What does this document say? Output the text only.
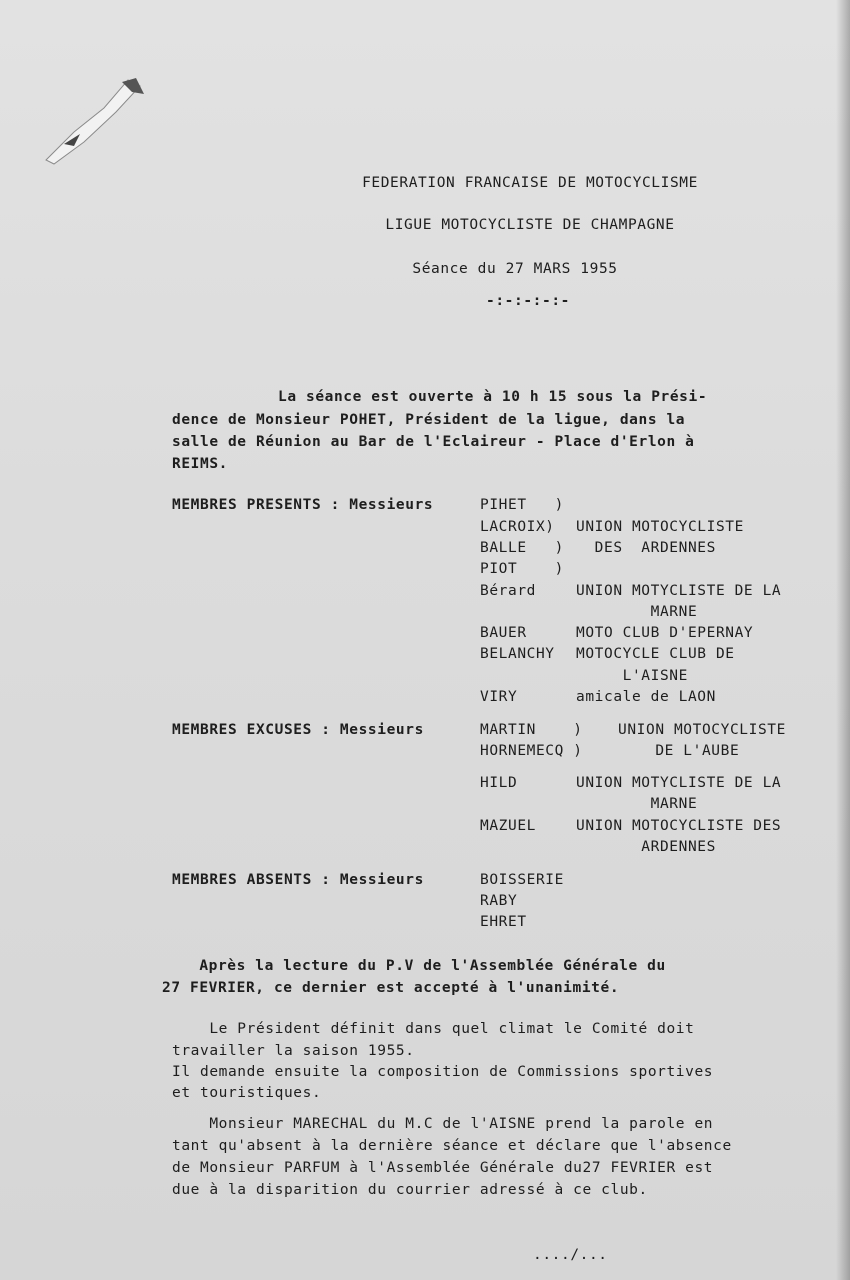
FEDERATION FRANCAISE DE MOTOCYCLISME
LIGUE MOTOCYCLISTE DE CHAMPAGNE
Séance du 27 MARS 1955
-:-:-:-:-
La séance est ouverte à 10 h 15 sous la Prési-
dence de Monsieur POHET, Président de la ligue, dans la
salle de Réunion au Bar de l'Eclaireur - Place d'Erlon à
REIMS.
MEMBRES PRESENTS : Messieurs	PIHET   )
LACROIX) UNION MOTOCYCLISTE
BALLE   ) DES  ARDENNES
PIOT    )
Bérard	UNION MOTYCLISTE DE LA
MARNE
BAUER	MOTO CLUB D'EPERNAY
BELANCHY MOTOCYCLE CLUB DE
L'AISNE
VIRY	amicale de LAON
MEMBRES EXCUSES : Messieurs	MARTIN    ) UNION MOTOCYCLISTE
HORNEMECQ ) DE L'AUBE
HILD	UNION MOTYCLISTE DE LA
MARNE
MAZUEL	UNION MOTOCYCLISTE DES
ARDENNES
MEMBRES ABSENTS : Messieurs	BOISSERIE
RABY
EHRET
Après la lecture du P.V de l'Assemblée Générale du
27 FEVRIER, ce dernier est accepté à l'unanimité.
Le Président définit dans quel climat le Comité doit
travailler la saison 1955.
Il demande ensuite la composition de Commissions sportives
et touristiques.
Monsieur MARECHAL du M.C de l'AISNE prend la parole en
tant qu'absent à la dernière séance et déclare que l'absence
de Monsieur PARFUM à l'Assemblée Générale du27 FEVRIER est
due à la disparition du courrier adressé à ce club.
..../...
